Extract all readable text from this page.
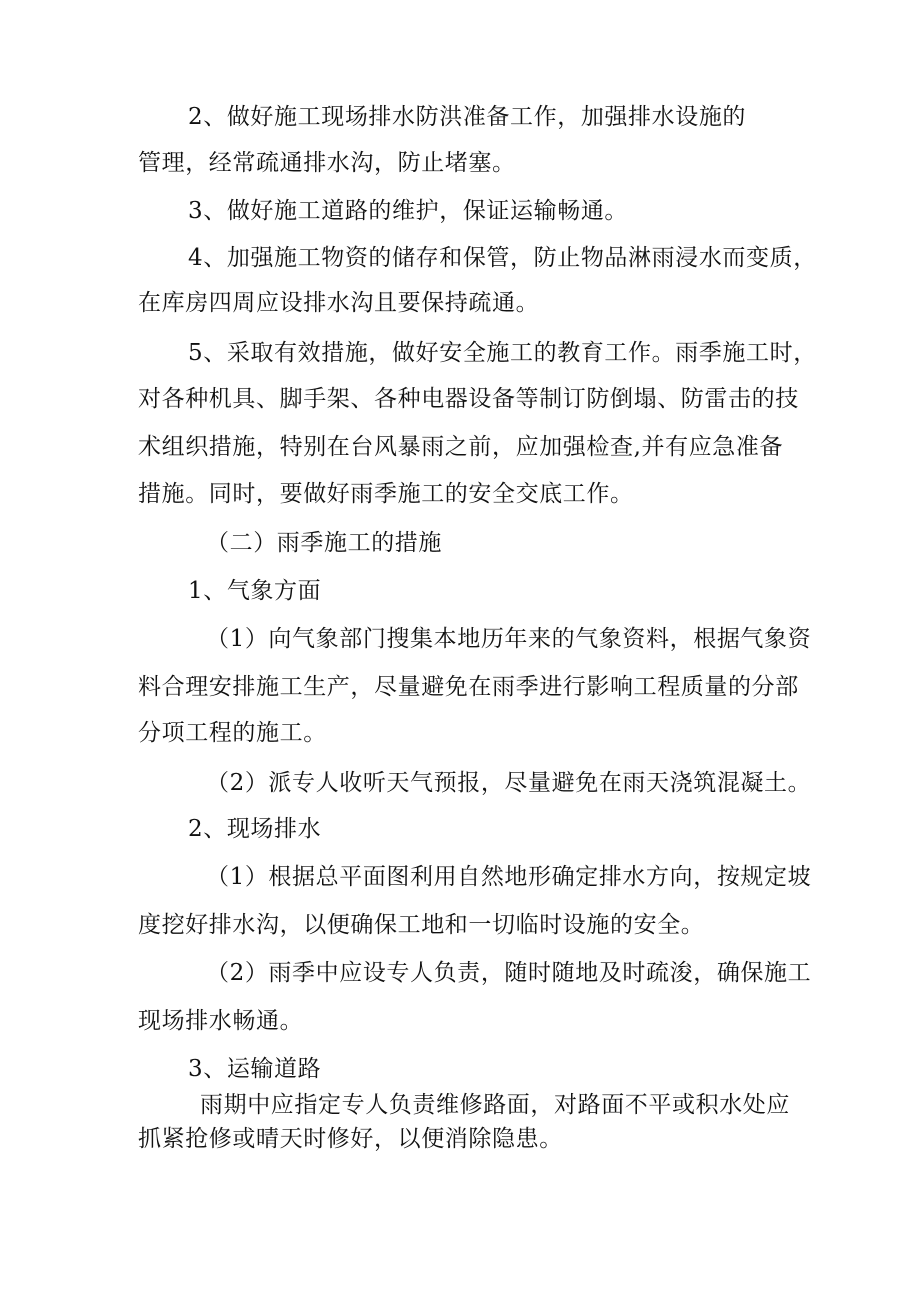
2、做好施工现场排水防洪准备工作，加强排水设施的

管理，经常疏通排水沟，防止堵塞。

3、做好施工道路的维护，保证运输畅通。

4、加强施工物资的储存和保管，防止物品淋雨浸水而变质，

在库房四周应设排水沟且要保持疏通。

5、采取有效措施，做好安全施工的教育工作。雨季施工时，

对各种机具、脚手架、各种电器设备等制订防倒塌、防雷击的技

术组织措施，特别在台风暴雨之前，应加强检查,并有应急准备

措施。同时，要做好雨季施工的安全交底工作。

（二）雨季施工的措施

1、气象方面

（1）向气象部门搜集本地历年来的气象资料，根据气象资

料合理安排施工生产，尽量避免在雨季进行影响工程质量的分部

分项工程的施工。

（2）派专人收听天气预报，尽量避免在雨天浇筑混凝土。

2、现场排水

（1）根据总平面图利用自然地形确定排水方向，按规定坡

度挖好排水沟，以便确保工地和一切临时设施的安全。

（2）雨季中应设专人负责，随时随地及时疏浚，确保施工

现场排水畅通。

3、运输道路

雨期中应指定专人负责维修路面，对路面不平或积水处应

抓紧抢修或晴天时修好，以便消除隐患。
